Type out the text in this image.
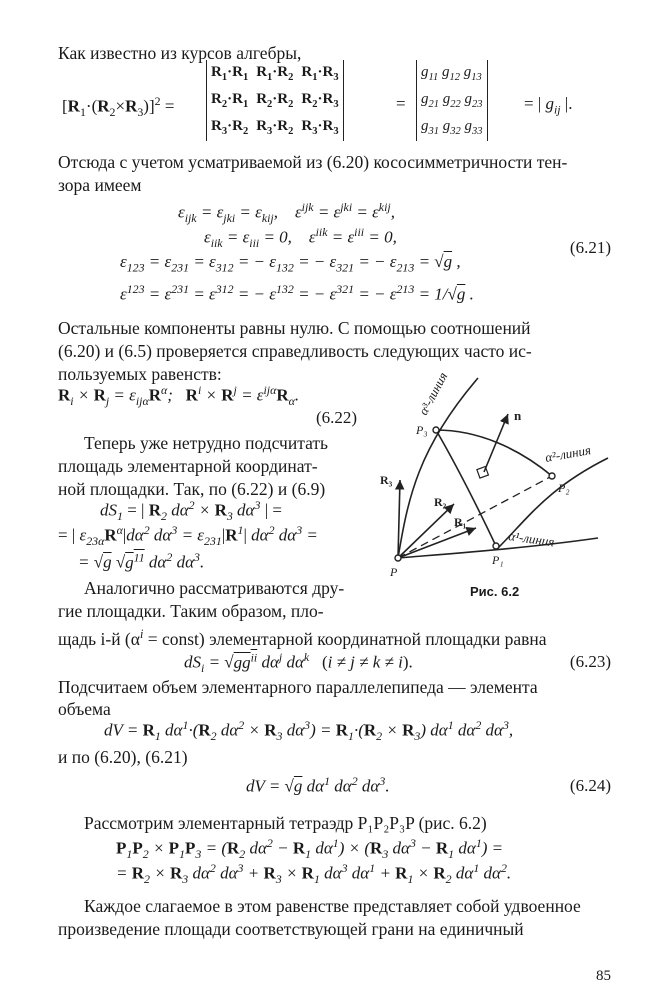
Как известно из курсов алгебры,
$[R_1\cdot(R_2\times R_3)]^2$ =
$R_1\cdot R_1$	$R_1\cdot R_2$	$R_1\cdot R_3$
$R_2\cdot R_1$	$R_2\cdot R_2$	$R_2\cdot R_3$
$R_3\cdot R_2$	$R_3\cdot R_2$	$R_3\cdot R_3$
=
$g_{11}$ $g_{12}$ $g_{13}$
$g_{21}$ $g_{22}$ $g_{23}$
$g_{31}$ $g_{32}$ $g_{33}$
= | $g_{ij}$ |.
Отсюда с учетом усматриваемой из (6.20) кососимметричности тен-
зора имеем
$\varepsilon_{ijk} = \varepsilon_{jki} = \varepsilon_{kij}$,    $\varepsilon^{ijk} = \varepsilon^{jki} = \varepsilon^{kij}$,
$\varepsilon_{iik} = \varepsilon_{iii} = 0$,    $\varepsilon^{iik} = \varepsilon^{iii} = 0$,
$\varepsilon_{123} = \varepsilon_{231} = \varepsilon_{312}$ = − $\varepsilon_{132}$ = − $\varepsilon_{321}$ = − $\varepsilon_{213} = √g$ ,
$\varepsilon^{123} = \varepsilon^{231} = \varepsilon^{312}$ = − $\varepsilon^{132}$ = − $\varepsilon^{321}$ = − $\varepsilon^{213} = 1/√g$ .
(6.21)
Остальные компоненты равны нулю. С помощью соотношений
(6.20) и (6.5) проверяется справедливость следующих часто ис-
пользуемых равенств:
$R_i \times R_j = \varepsilon_{ij\alpha}R^\alpha$;   $R^i \times R^j = \varepsilon^{ij\alpha}R_\alpha$.
(6.22)
Теперь уже нетрудно подсчитать
площадь элементарной координат-
ной площадки. Так, по (6.22) и (6.9)
$dS_1$ = | $R_2$ $d\alpha^2 \times R_3$ $d\alpha^3$ | =
= | $\varepsilon_{23\alpha}R^\alpha|d\alpha^2$ $d\alpha^3 = \varepsilon_{231}|R^1|$ $d\alpha^2$ $d\alpha^3$ =
= √g $√g^{11}$ $d\alpha^2$ $d\alpha^3$.
Аналогично рассматриваются дру-
гие площадки. Таким образом, пло-
щадь i-й ($\alpha^i$ = const) элементарной координатной площадки равна
$dS_i = √gg^{ii}$ $d\alpha^j$ $d\alpha^k$ (i ≠ j ≠ k ≠ i).	(6.23)
Подсчитаем объем элементарного параллелепипеда — элемента
объема
dV = $R_1$ $d\alpha^1\cdot(R_2$ $d\alpha^2 \times R_3$ $d\alpha^3) = R_1\cdot(R_2 \times R_3)$ $d\alpha^1$ $d\alpha^2$ $d\alpha^3$,
и по (6.20), (6.21)
dV = √g $d\alpha^1$ $d\alpha^2$ $d\alpha^3$.	(6.24)
Рассмотрим элементарный тетраэдр P₁P₂P₃P (рис. 6.2)
$P_1P_2 \times P_1P_3 = (R_2$ $d\alpha^2 - R_1$ $d\alpha^1) \times (R_3$ $d\alpha^3 - R_1$ $d\alpha^1$) =
= $R_2 \times R_3$ $d\alpha^2$ $d\alpha^3 + R_3 \times R_1$ $d\alpha^3$ $d\alpha^1 + R_1 \times R_2$ $d\alpha^1$ $d\alpha^2$.
Каждое слагаемое в этом равенстве представляет собой удвоенное
произведение площади соответствующей грани на единичный
α³-линия
α²-линия
α¹-линия
n
P
P₁
P₂
P₃
R₁
R₂
R₃
Рис. 6.2
85
